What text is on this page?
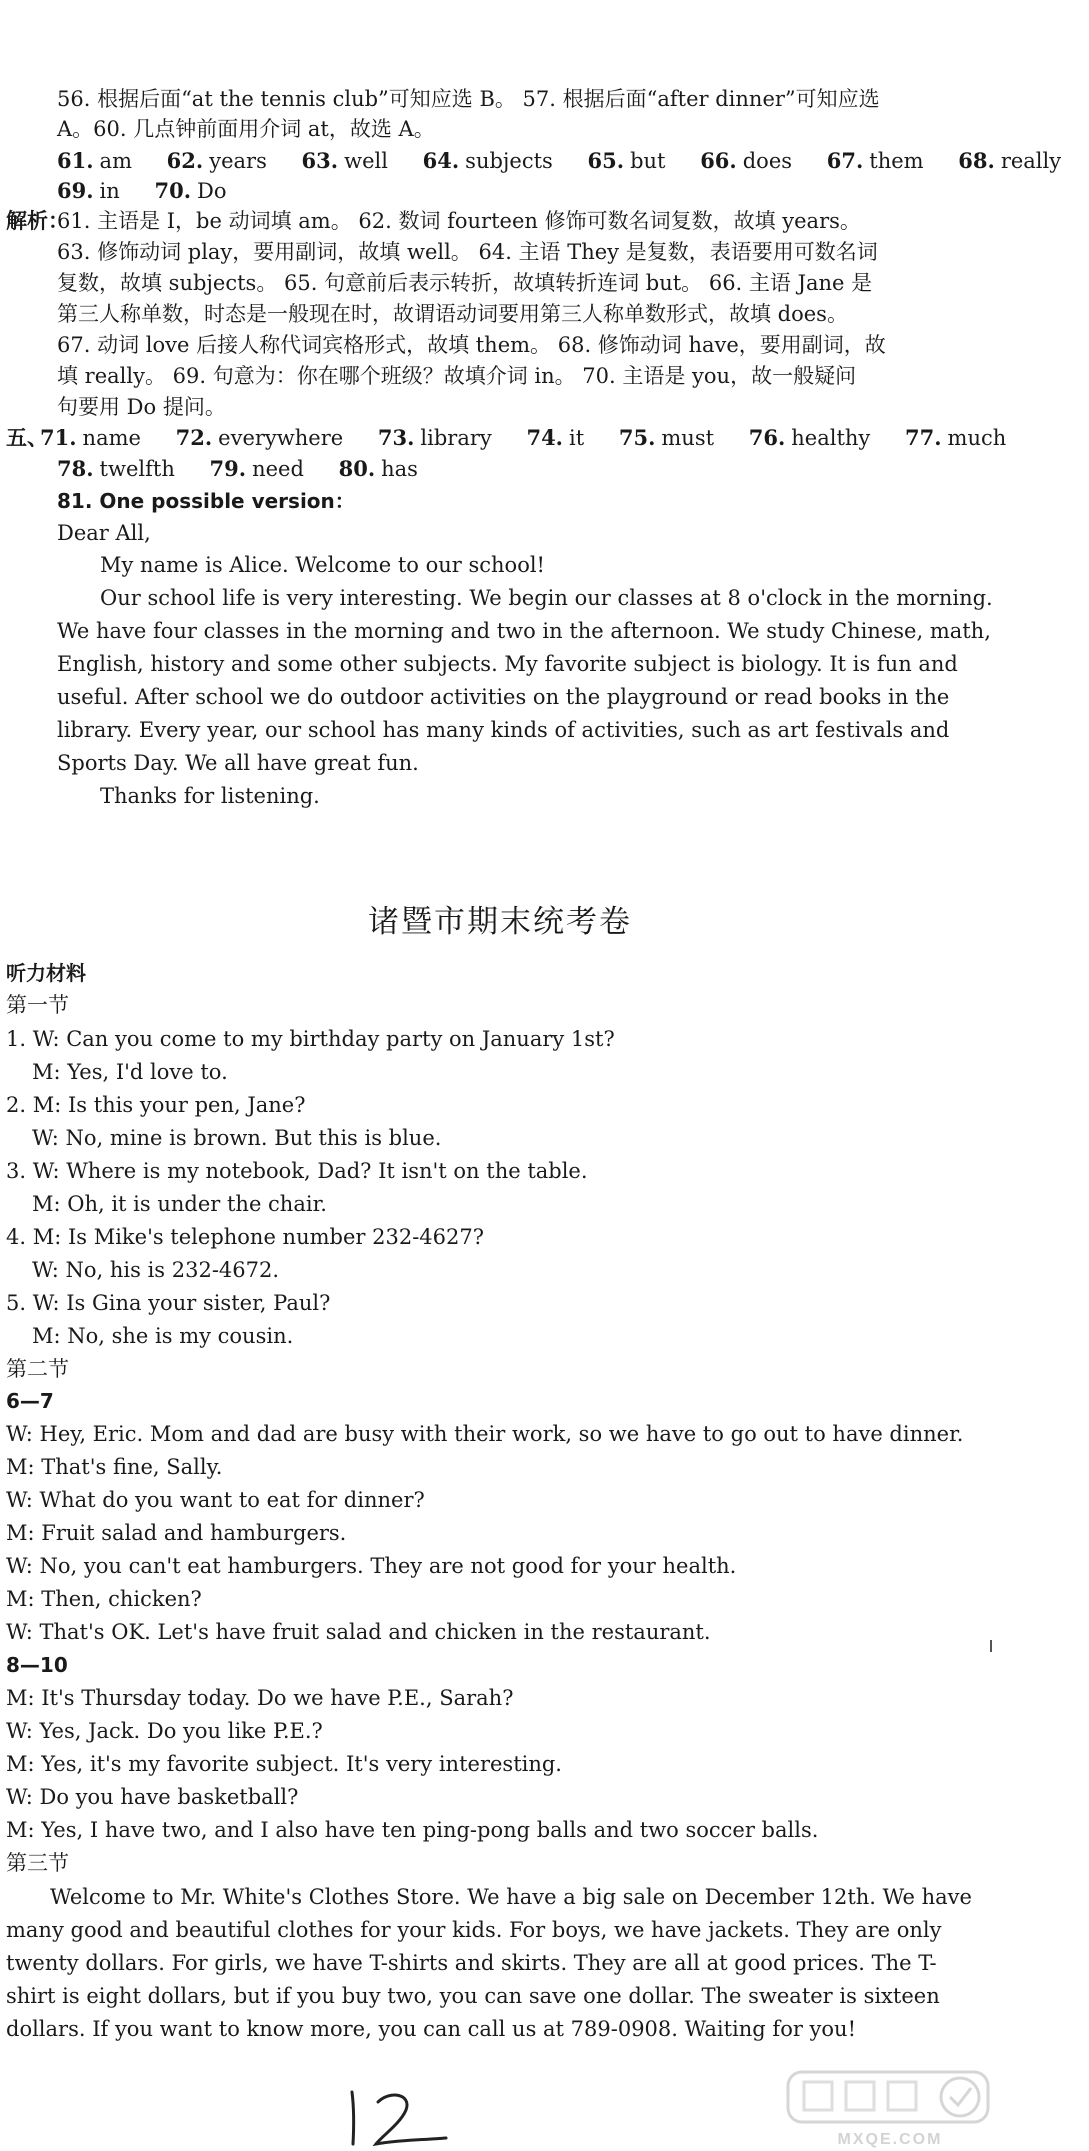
56. 根据后面“at the tennis club”可知应选 B。 57. 根据后面“after dinner”可知应选
A。60. 几点钟前面用介词 at，故选 A。
61. am 62. years 63. well 64. subjects 65. but 66. does 67. them 68. really
69. in 70. Do
解析：
61. 主语是 I，be 动词填 am。 62. 数词 fourteen 修饰可数名词复数，故填 years。
63. 修饰动词 play，要用副词，故填 well。 64. 主语 They 是复数，表语要用可数名词
复数，故填 subjects。 65. 句意前后表示转折，故填转折连词 but。 66. 主语 Jane 是
第三人称单数，时态是一般现在时，故谓语动词要用第三人称单数形式，故填 does。
67. 动词 love 后接人称代词宾格形式，故填 them。 68. 修饰动词 have，要用副词，故
填 really。 69. 句意为：你在哪个班级？故填介词 in。 70. 主语是 you，故一般疑问
句要用 Do 提问。
五、
71. name 72. everywhere 73. library 74. it 75. must 76. healthy 77. much
78. twelfth 79. need 80. has
81. One possible version：
Dear All,
My name is Alice. Welcome to our school!
Our school life is very interesting. We begin our classes at 8 o'clock in the morning.
We have four classes in the morning and two in the afternoon. We study Chinese, math,
English, history and some other subjects. My favorite subject is biology. It is fun and
useful. After school we do outdoor activities on the playground or read books in the
library. Every year, our school has many kinds of activities, such as art festivals and
Sports Day. We all have great fun.
Thanks for listening.
诸暨市期末统考卷
听力材料
第一节
1. W: Can you come to my birthday party on January 1st?
M: Yes, I'd love to.
2. M: Is this your pen, Jane?
W: No, mine is brown. But this is blue.
3. W: Where is my notebook, Dad? It isn't on the table.
M: Oh, it is under the chair.
4. M: Is Mike's telephone number 232-4627?
W: No, his is 232-4672.
5. W: Is Gina your sister, Paul?
M: No, she is my cousin.
第二节
6—7
W: Hey, Eric. Mom and dad are busy with their work, so we have to go out to have dinner.
M: That's fine, Sally.
W: What do you want to eat for dinner?
M: Fruit salad and hamburgers.
W: No, you can't eat hamburgers. They are not good for your health.
M: Then, chicken?
W: That's OK. Let's have fruit salad and chicken in the restaurant.
8—10
M: It's Thursday today. Do we have P.E., Sarah?
W: Yes, Jack. Do you like P.E.?
M: Yes, it's my favorite subject. It's very interesting.
W: Do you have basketball?
M: Yes, I have two, and I also have ten ping-pong balls and two soccer balls.
第三节
Welcome to Mr. White's Clothes Store. We have a big sale on December 12th. We have
many good and beautiful clothes for your kids. For boys, we have jackets. They are only
twenty dollars. For girls, we have T-shirts and skirts. They are all at good prices. The T-
shirt is eight dollars, but if you buy two, you can save one dollar. The sweater is sixteen
dollars. If you want to know more, you can call us at 789-0908. Waiting for you!
MXQE.COM
